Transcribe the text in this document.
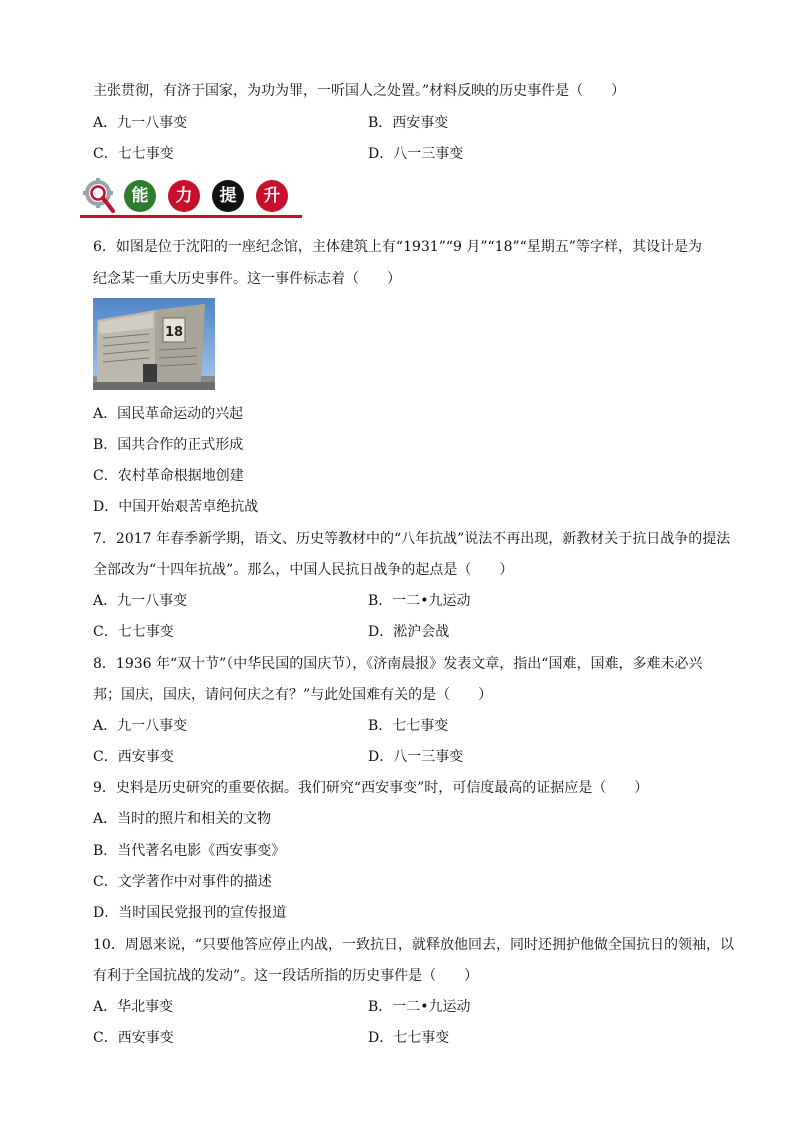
主张贯彻，有济于国家，为功为罪，一听国人之处置。”材料反映的历史事件是（　　）
A．九一八事变	B．西安事变
C．七七事变	D．八一三事变
能	力	提	升
6．如图是位于沈阳的一座纪念馆，主体建筑上有“1931”“9 月”“18”“星期五”等字样，其设计是为
纪念某一重大历史事件。这一事件标志着（　　）
18
A．国民革命运动的兴起
B．国共合作的正式形成
C．农村革命根据地创建
D．中国开始艰苦卓绝抗战
7．2017 年春季新学期，语文、历史等教材中的“八年抗战”说法不再出现，新教材关于抗日战争的提法
全部改为“十四年抗战”。那么，中国人民抗日战争的起点是（　　）
A．九一八事变	B．一二•九运动
C．七七事变	D．淞沪会战
8．1936 年“双十节”（中华民国的国庆节），《济南晨报》发表文章，指出“国难，国难，多难未必兴
邦；国庆，国庆，请问何庆之有？”与此处国难有关的是（　　）
A．九一八事变	B．七七事变
C．西安事变	D．八一三事变
9．史料是历史研究的重要依据。我们研究“西安事变”时，可信度最高的证据应是（　　）
A．当时的照片和相关的文物
B．当代著名电影《西安事变》
C．文学著作中对事件的描述
D．当时国民党报刊的宣传报道
10．周恩来说，“只要他答应停止内战，一致抗日，就释放他回去，同时还拥护他做全国抗日的领袖，以
有利于全国抗战的发动”。这一段话所指的历史事件是（　　）
A．华北事变	B．一二•九运动
C．西安事变	D．七七事变
